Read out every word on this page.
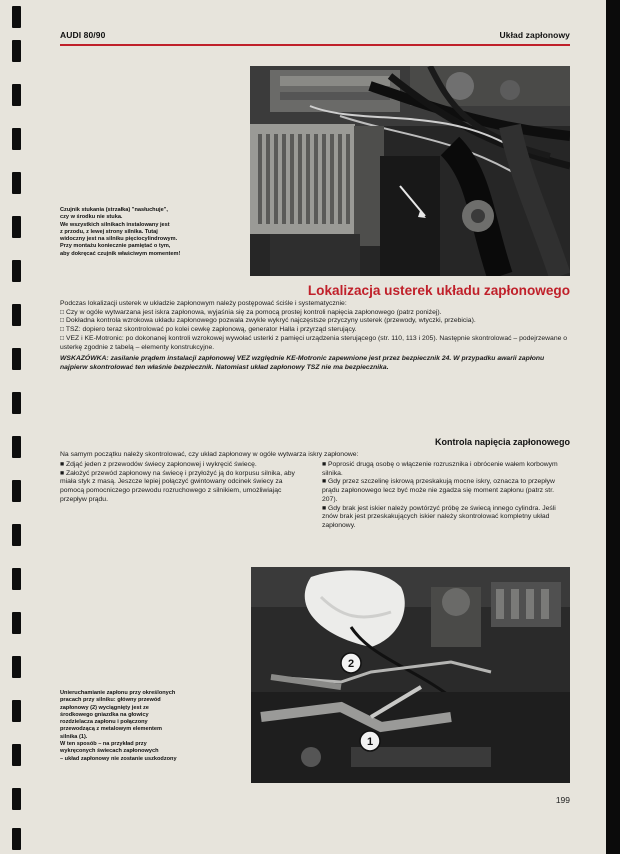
AUDI 80/90	Układ zapłonowy
Czujnik stukania (strzałka) "nasłuchuje",
czy w środku nie stuka.
We wszystkich silnikach instalowany jest
z przodu, z lewej strony silnika. Tutaj
widoczny jest na silniku pięciocylindrowym.
Przy montażu koniecznie pamiętać o tym,
aby dokręcać czujnik właściwym momentem!
Lokalizacja usterek układu zapłonowego

Podczas lokalizacji usterek w układzie zapłonowym należy postępować ściśle i systematycznie:

□ Czy w ogóle wytwarzana jest iskra zapłonowa, wyjaśnia się za pomocą prostej kontroli napięcia zapłonowego (patrz poniżej).

□ Dokładna kontrola wzrokowa układu zapłonowego pozwala zwykle wykryć najczęstsze przyczyny usterek (przewody, wtyczki, przebicia).

□ TSZ: dopiero teraz skontrolować po kolei cewkę zapłonową, generator Halla i przyrząd sterujący.

□ VEZ i KE-Motronic: po dokonanej kontroli wzrokowej wywołać usterki z pamięci urządzenia sterującego (str. 110, 113 i 205). Następnie skontrolować – podejrzewane o usterkę zgodnie z tabelą – elementy konstrukcyjne.

WSKAZÓWKA: zasilanie prądem instalacji zapłonowej VEZ względnie KE-Motronic zapewnione jest przez bezpiecznik 24. W przypadku awarii zapłonu najpierw skontrolować ten właśnie bezpiecznik. Natomiast układ zapłonowy TSZ nie ma bezpiecznika.

Kontrola napięcia zapłonowego
Na samym początku należy skontrolować, czy układ zapłonowy w ogóle wytwarza iskry zapłonowe:

■ Zdjąć jeden z przewodów świecy zapłonowej i wykręcić świecę.

■ Założyć przewód zapłonowy na świecę i przyłożyć ją do korpusu silnika, aby miała styk z masą. Jeszcze lepiej połączyć gwintowany odcinek świecy za pomocą pomocniczego przewodu rozruchowego z silnikiem, umożliwiając przepływ prądu.

■ Poprosić drugą osobę o włączenie rozrusznika i obrócenie wałem korbowym silnika.

■ Gdy przez szczelinę iskrową przeskakują mocne iskry, oznacza to przepływ prądu zapłonowego lecz być może nie zgadza się moment zapłonu (patrz str. 207).

■ Gdy brak jest iskier należy powtórzyć próbę ze świecą innego cylindra. Jeśli znów brak jest przeskakujących iskier należy skontrolować kompletny układ zapłonowy.

2
1
Unieruchamianie zapłonu przy określonych
pracach przy silniku: główny przewód
zapłonowy (2) wyciągnięty jest ze
środkowego gniazdka na głowicy
rozdzielacza zapłonu i połączony
przewodzącą z metalowym elementem
silnika (1).
W ten sposób – na przykład przy
wykręconych świecach zapłonowych
– układ zapłonowy nie zostanie uszkodzony
199
